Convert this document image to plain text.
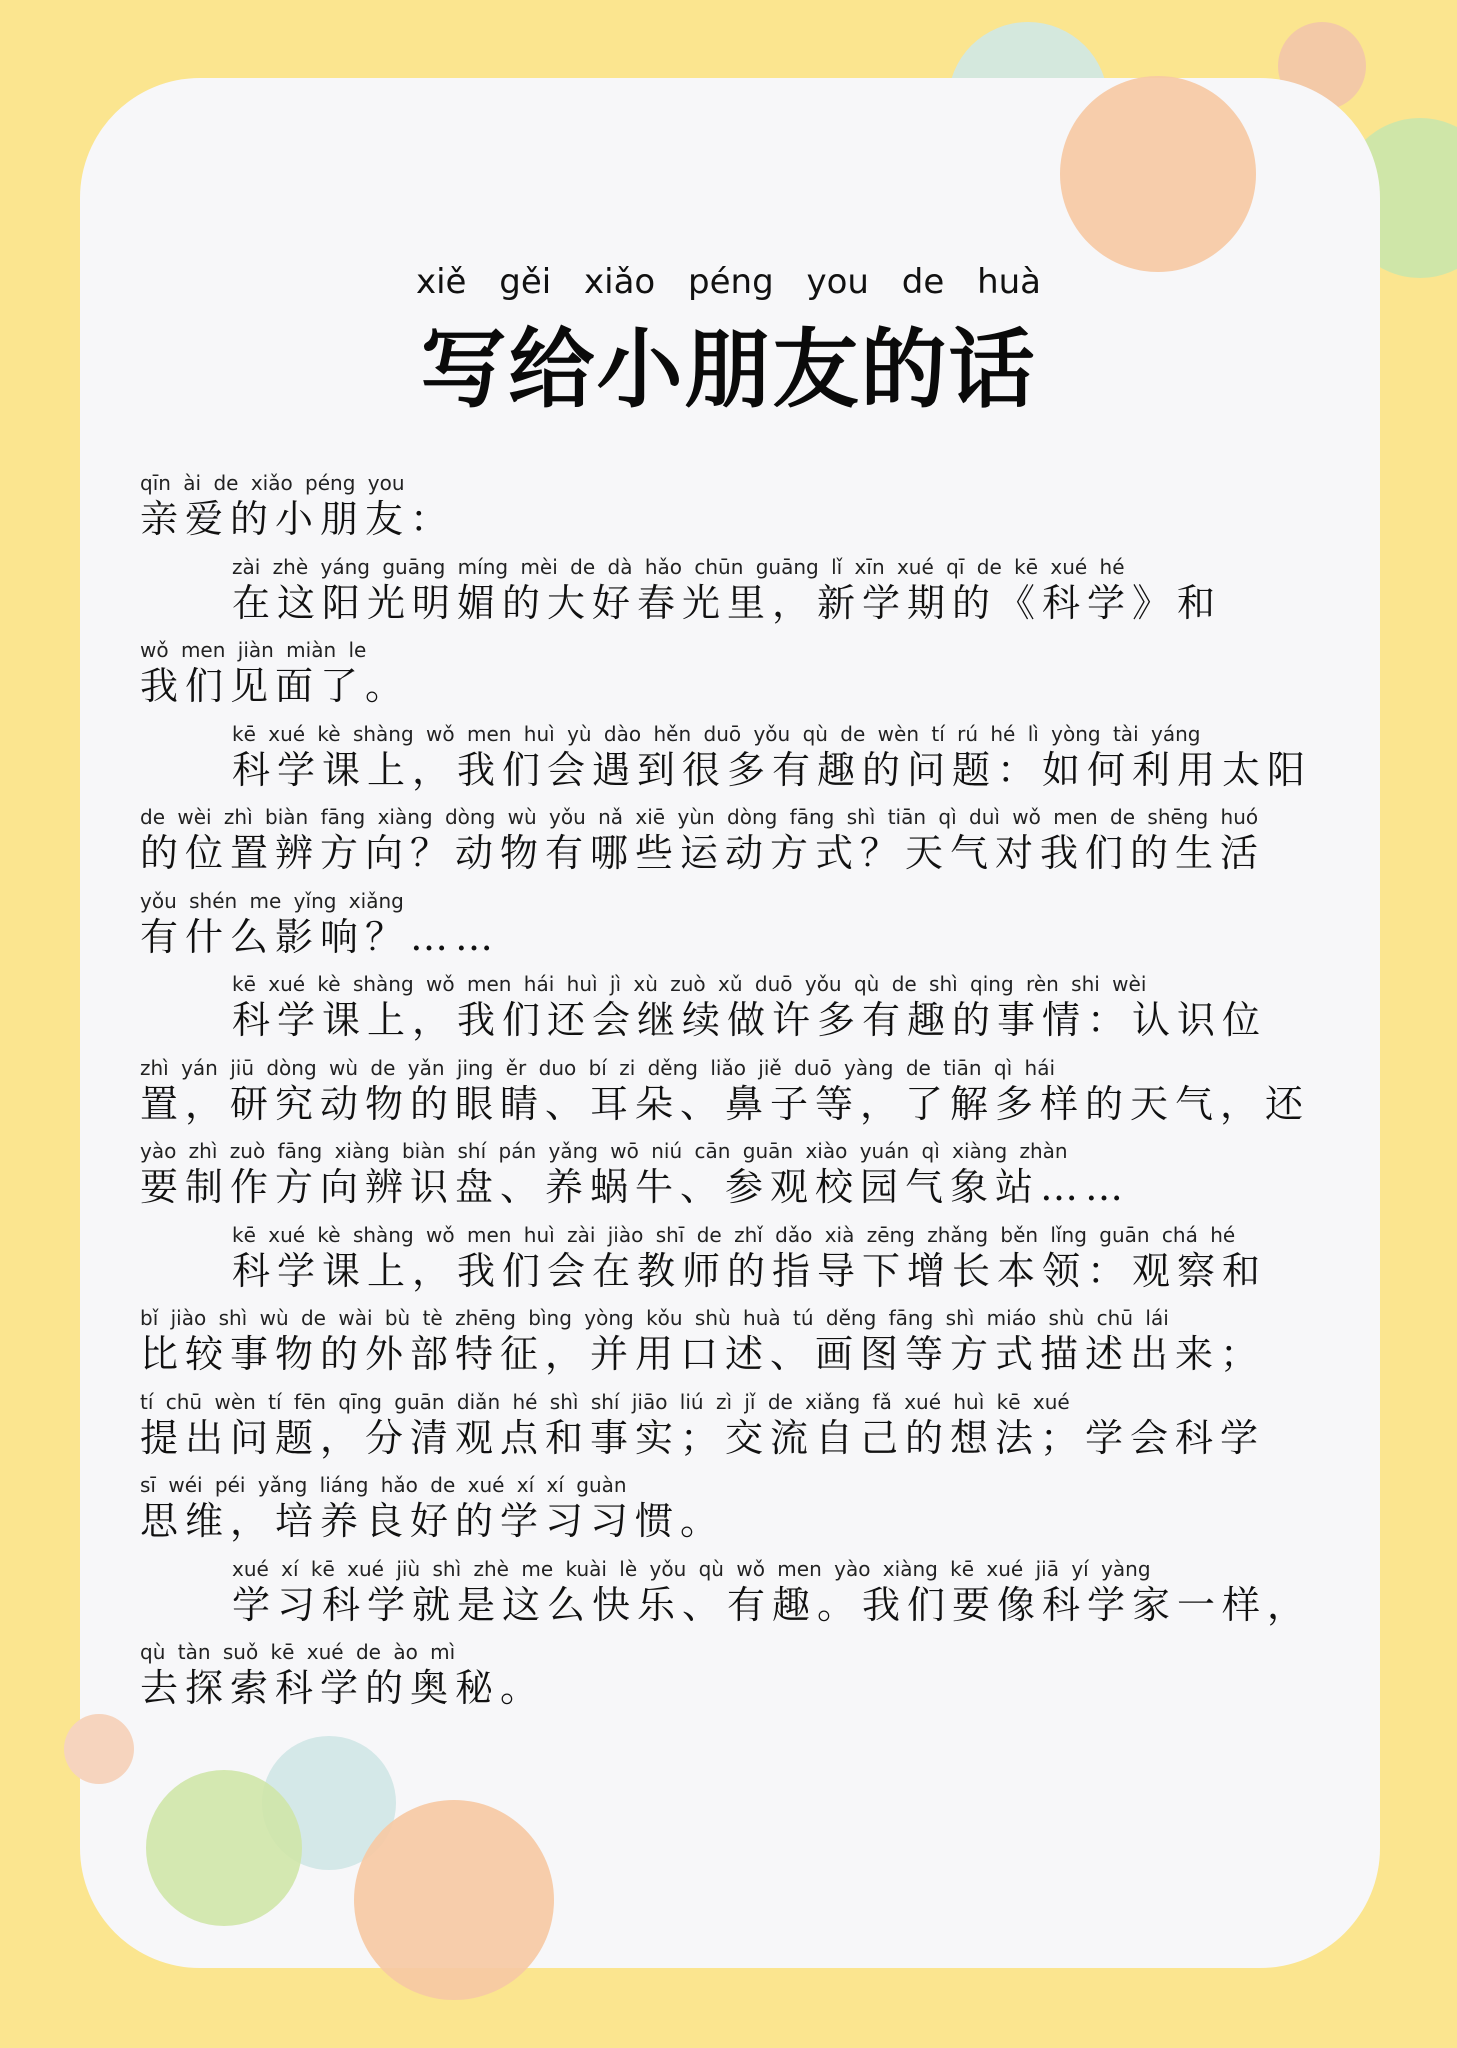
xiě gěi xiǎo péng you de huà
写给小朋友的话
qīn ài de xiǎo péng you
亲爱的小朋友：
zài zhè yáng guāng míng mèi de dà hǎo chūn guāng lǐ xīn xué qī de kē xué hé
在这阳光明媚的大好春光里，新学期的《科学》和
wǒ men jiàn miàn le
我们见面了。
kē xué kè shàng wǒ men huì yù dào hěn duō yǒu qù de wèn tí rú hé lì yòng tài yáng
科学课上，我们会遇到很多有趣的问题：如何利用太阳
de wèi zhì biàn fāng xiàng dòng wù yǒu nǎ xiē yùn dòng fāng shì tiān qì duì wǒ men de shēng huó
的位置辨方向？动物有哪些运动方式？天气对我们的生活
yǒu shén me yǐng xiǎng
有什么影响？……
kē xué kè shàng wǒ men hái huì jì xù zuò xǔ duō yǒu qù de shì qing rèn shi wèi
科学课上，我们还会继续做许多有趣的事情：认识位
zhì yán jiū dòng wù de yǎn jing ěr duo bí zi děng liǎo jiě duō yàng de tiān qì hái
置，研究动物的眼睛、耳朵、鼻子等，了解多样的天气，还
yào zhì zuò fāng xiàng biàn shí pán yǎng wō niú cān guān xiào yuán qì xiàng zhàn
要制作方向辨识盘、养蜗牛、参观校园气象站……
kē xué kè shàng wǒ men huì zài jiào shī de zhǐ dǎo xià zēng zhǎng běn lǐng guān chá hé
科学课上，我们会在教师的指导下增长本领：观察和
bǐ jiào shì wù de wài bù tè zhēng bìng yòng kǒu shù huà tú děng fāng shì miáo shù chū lái
比较事物的外部特征，并用口述、画图等方式描述出来；
tí chū wèn tí fēn qīng guān diǎn hé shì shí jiāo liú zì jǐ de xiǎng fǎ xué huì kē xué
提出问题，分清观点和事实；交流自己的想法；学会科学
sī wéi péi yǎng liáng hǎo de xué xí xí guàn
思维，培养良好的学习习惯。
xué xí kē xué jiù shì zhè me kuài lè yǒu qù wǒ men yào xiàng kē xué jiā yí yàng
学习科学就是这么快乐、有趣。我们要像科学家一样，
qù tàn suǒ kē xué de ào mì
去探索科学的奥秘。
